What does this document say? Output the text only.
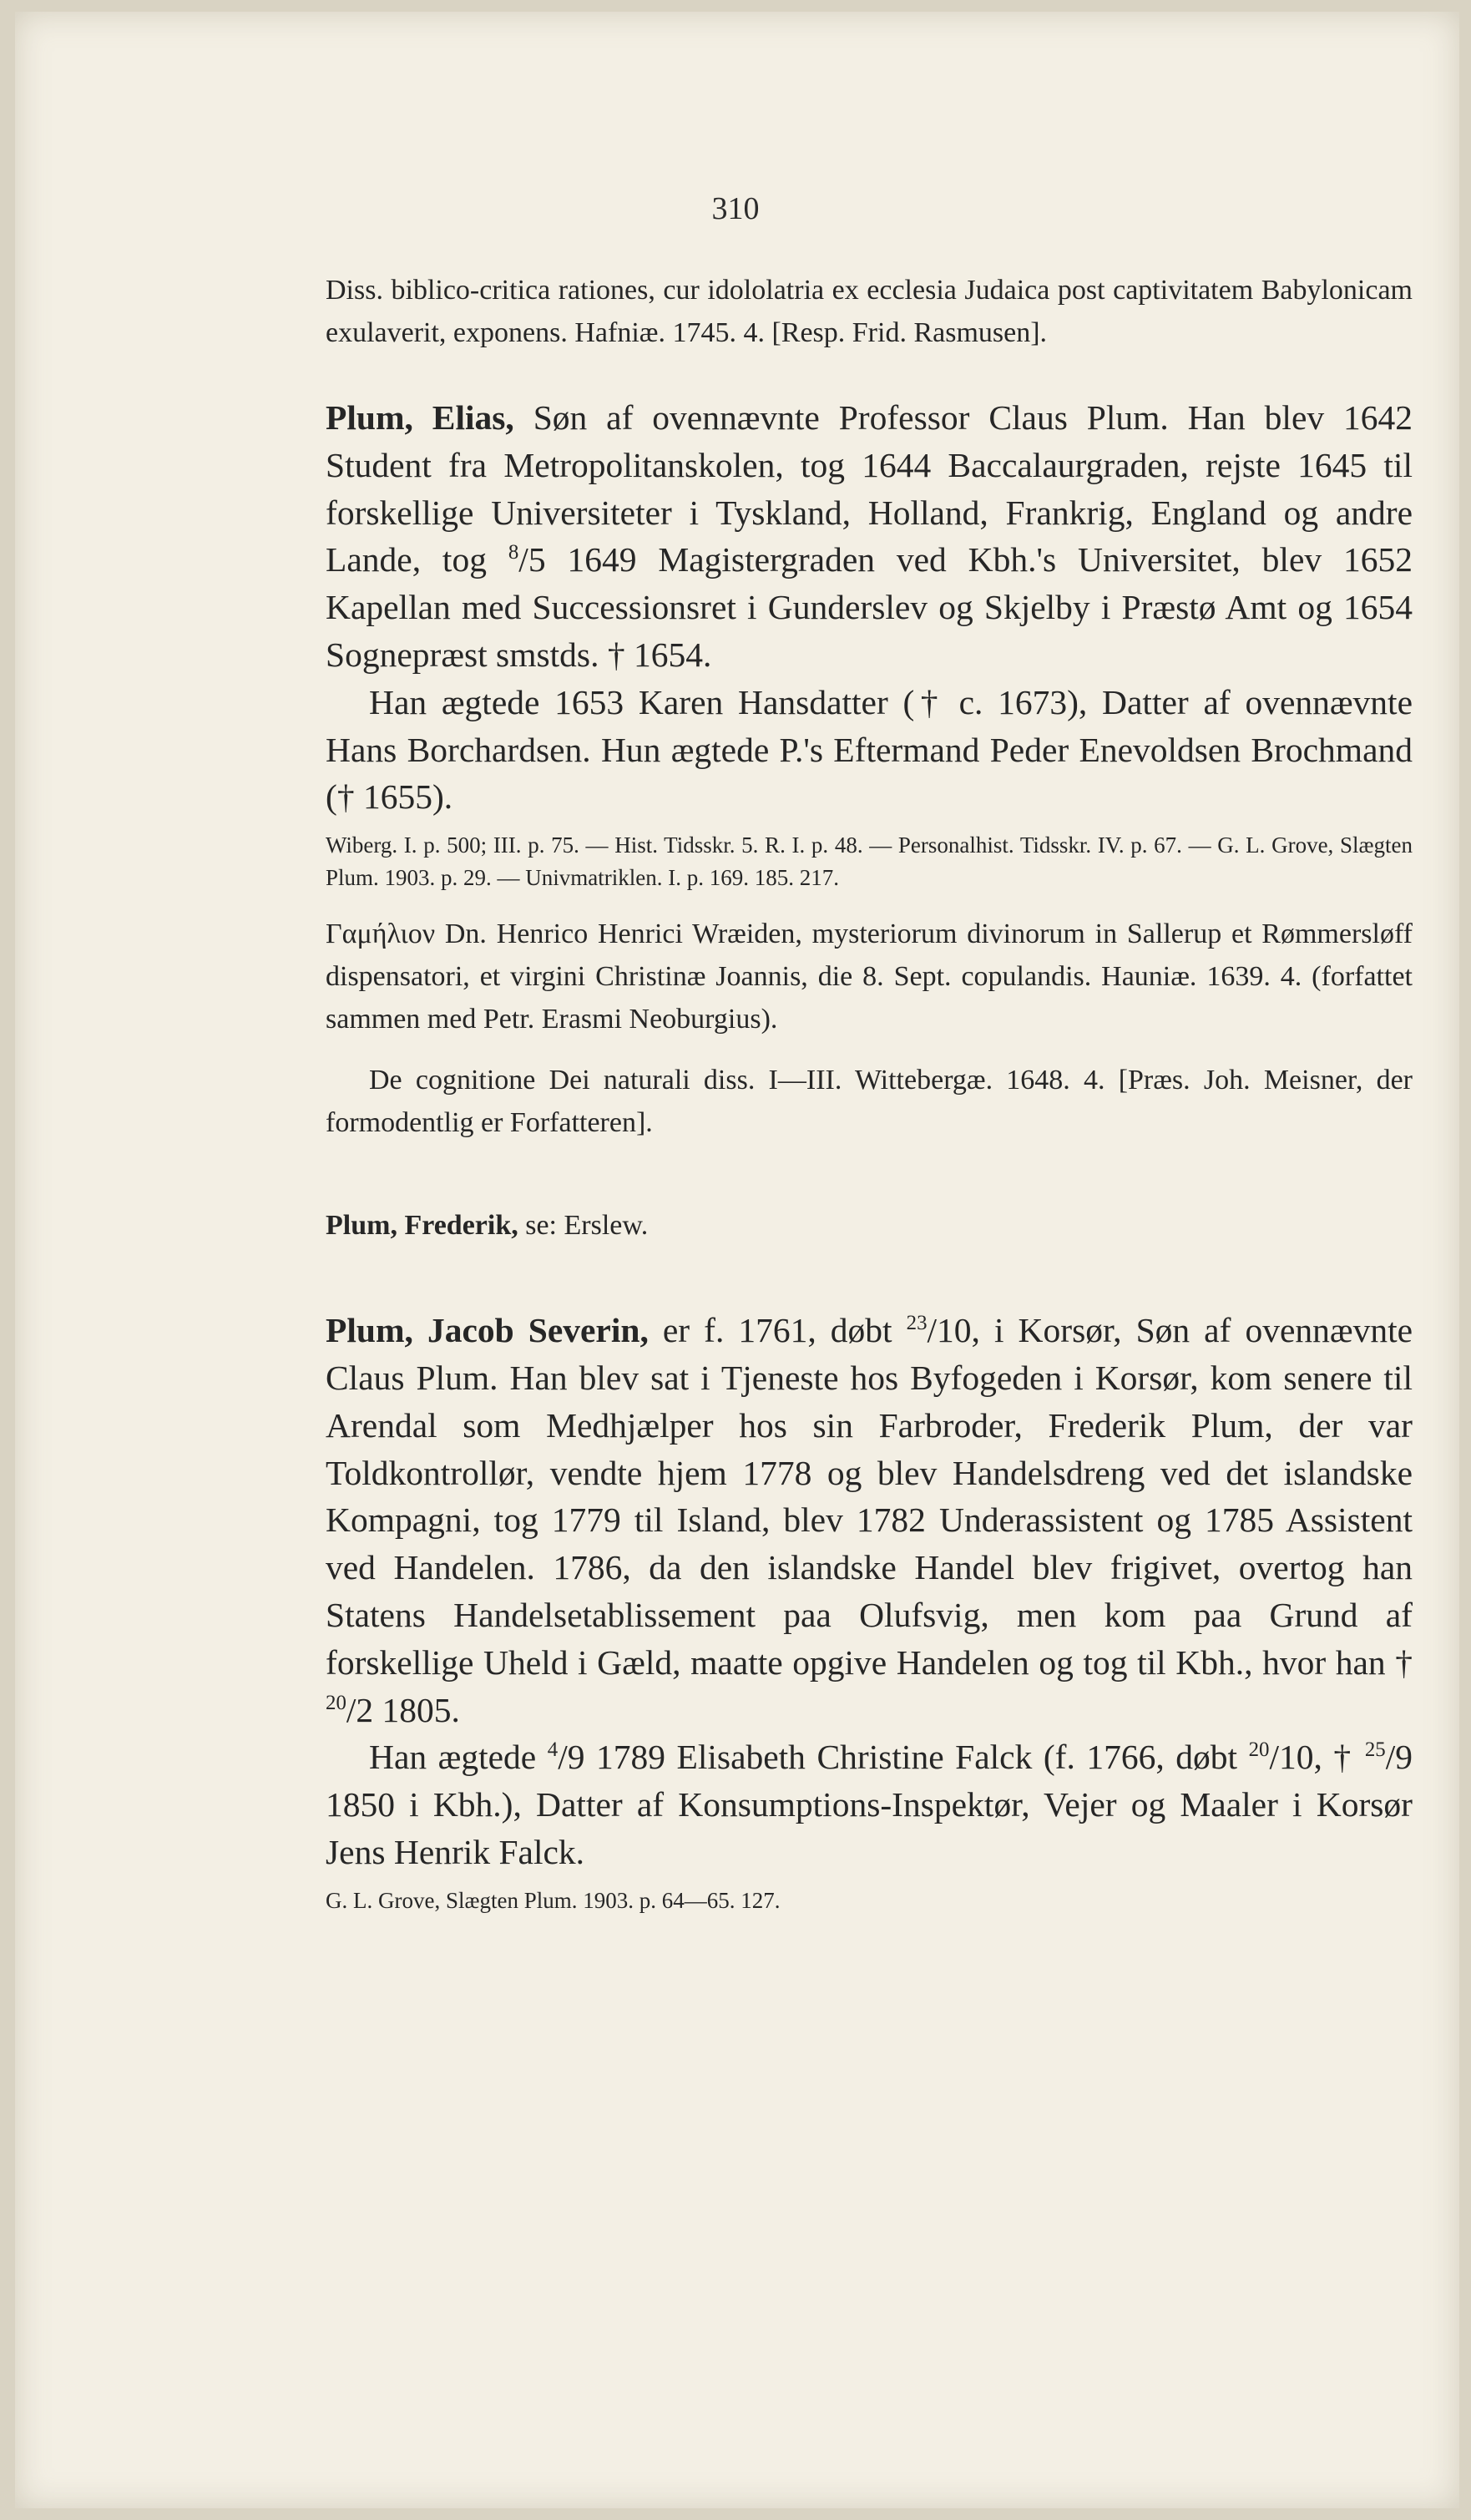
310

Diss. biblico-critica rationes, cur idololatria ex ecclesia Judaica post captivitatem Babylonicam exulaverit, exponens. Hafniæ. 1745. 4. [Resp. Frid. Rasmusen].

Plum, Elias, Søn af ovennævnte Professor Claus Plum. Han blev 1642 Student fra Metropolitanskolen, tog 1644 Baccalaurgraden, rejste 1645 til forskellige Universiteter i Tyskland, Holland, Frankrig, England og andre Lande, tog $^8$/5 1649 Magistergraden ved Kbh.'s Universitet, blev 1652 Kapellan med Successionsret i Gunderslev og Skjelby i Præstø Amt og 1654 Sognepræst smstds. † 1654.

Han ægtede 1653 Karen Hansdatter († c. 1673), Datter af ovennævnte Hans Borchardsen. Hun ægtede P.'s Eftermand Peder Enevoldsen Brochmand († 1655).

Wiberg. I. p. 500; III. p. 75. — Hist. Tidsskr. 5. R. I. p. 48. — Personalhist. Tidsskr. IV. p. 67. — G. L. Grove, Slægten Plum. 1903. p. 29. — Univmatriklen. I. p. 169. 185. 217.

Γαμήλιον Dn. Henrico Henrici Wræiden, mysteriorum divinorum in Sallerup et Rømmersløff dispensatori, et virgini Christinæ Joannis, die 8. Sept. copulandis. Hauniæ. 1639. 4. (forfattet sammen med Petr. Erasmi Neoburgius).

De cognitione Dei naturali diss. I—III. Wittebergæ. 1648. 4. [Præs. Joh. Meisner, der formodentlig er Forfatteren].

Plum, Frederik, se: Erslew.

Plum, Jacob Severin, er f. 1761, døbt $^{23}$/10, i Korsør, Søn af ovennævnte Claus Plum. Han blev sat i Tjeneste hos Byfogeden i Korsør, kom senere til Arendal som Medhjælper hos sin Farbroder, Frederik Plum, der var Toldkontrollør, vendte hjem 1778 og blev Handelsdreng ved det islandske Kompagni, tog 1779 til Island, blev 1782 Underassistent og 1785 Assistent ved Handelen. 1786, da den islandske Handel blev frigivet, overtog han Statens Handelsetablissement paa Olufsvig, men kom paa Grund af forskellige Uheld i Gæld, maatte opgive Handelen og tog til Kbh., hvor han † $^{20}$/2 1805.

Han ægtede $^4$/9 1789 Elisabeth Christine Falck (f. 1766, døbt $^{20}$/10, † $^{25}$/9 1850 i Kbh.), Datter af Konsumptions-Inspektør, Vejer og Maaler i Korsør Jens Henrik Falck.

G. L. Grove, Slægten Plum. 1903. p. 64—65. 127.
